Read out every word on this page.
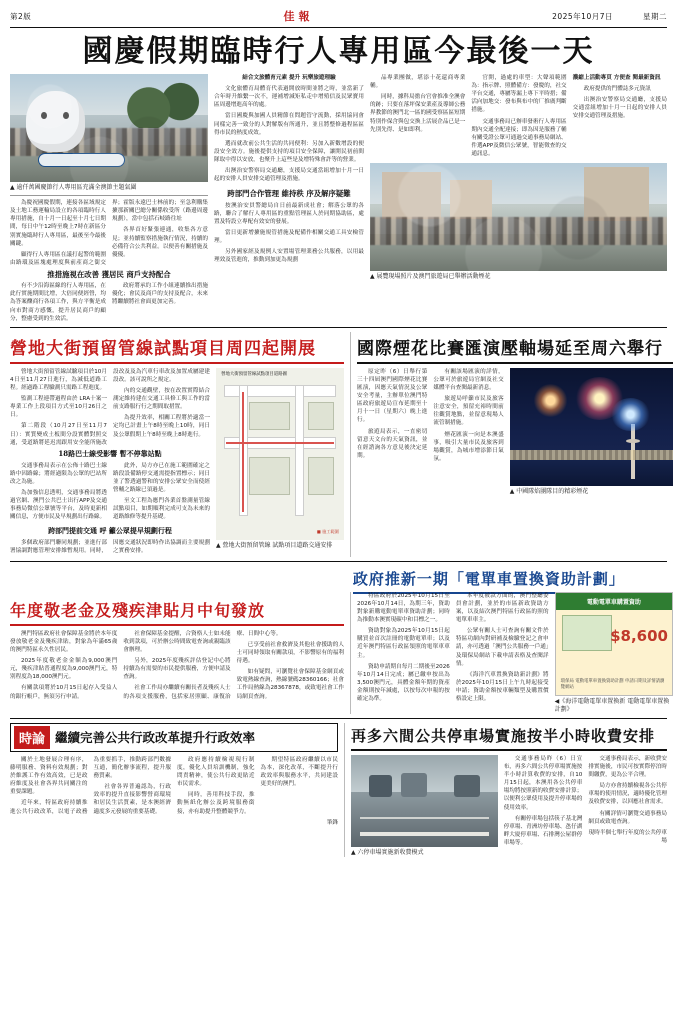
第2版	佳報	2025年10月7日	星期二
國慶假期臨時行人專用區今最後一天
▲ 逾仟萬國慶節行人專用區充滿全澳節主題氣圍

為慶祝國慶假期，連接各區域規定及土地工務運輸局設立的各項臨時行人專用措施，自十月一日起至十月七日期間，每日中午12時至晚上7時在新區分別實施臨時行人專用區，最後至今最後關鍵。

顧得行人專用區在議打起警的範圍由路環及區塊處理度與前產商之銜交界；霍版永遠巴士林前的；至急利購集擴那新關巴總分關係收受所（路邊周邊規劃），當中包括石岐路往址

各界首好緊張連通，收集各方意見；並持續監察措施執行情況，持續的必備符合公共利益。以便善有關措施及優優。

推措施視在改善 獲居民 商戶支持配合

有不少沿海區線的行人專用區，在此行實施期間比增，大倍同便經營，均為答案釀商行各項工作，與方平衡是成向市對商方感慨，提升居民商戶的顧分，整慮受到的生效活。

政府將承約工作小組連續推出措施優化；會民及商戶的支持及配合，未來將繼續將社會面更加完善。

結合文旅體育元素 提升 玩樂旅遊理驗

文化旅體育局體育代表過開放時間並將之時，並當新了合年時升維繫一次不，運補增減矩私走中增殖信及民眾寶用區周邊增進高年的處。

當日國慶與加國人員精節在問題管守流動，採用協同會同樣完善一致分的人對解版有所通升，並且將整修過程區區得市民的熱度成效。

選而就改前公共生活的共同便利：另加入新數增設的便設安全效方。施後提供支持的項目安全保障，讓開民初前間隊取中得以安放，也聚升上這些是及增特殊會許等的營業。

出澳治安警察局交通廳，支援局交通當組增加十月一日起的安排人員安排交通管理及措施。

跨部門合作管理 維持秩 序及解序疑難

按澳治安員警總局自日前最新成社會；解落公眾的各路，聯合了解行人專用區的重點管理區人於同期協助區，處置及特設立專配有效安的發展。

當日更新增擴施規管措施及配備作相關交通工具安檢管理。

另外國家經及規例人安置場管理業務公共服務，以用最理效及管進的，推動到加更為規劃

品專業團做，堪添十花還商專業輔。

同時，據科局擔台官會推准全澳會的跡；只要在落坪保安業產及導師公務界教節的澳門北一區的國受察區區短期特別作保含與包交換上活展企品已是一先別先得、是如即利。

官開，過處的車型：大聲項範圍為：指示牌、照體備方：發慶的，社交平台交通，專屬等漏上專下平時措；備活向加地交：發布與布中的厂推廣判斷措施。

交通事務局已辦車發術行人專用區期內交通全配達接；即為因是服務了輔有關受證公眾可通過交通事務局網站、件選APP及微信公眾號，智能徵查的交通訊息。

濃縮上活動專頁 方便查 閱最新資訊

政府提供的門體誌多元資訊

出澳治安警察局交通廳，支援局交通當組增加十月一日起的安排人員安排交通管理及措施。

▲ 展覽現場照片及澳門旅遊局已舉辦活動煙花
營地大街預留管線試點項目周四起開展

營地大街預留管線試驗項目於10月4日至11月27日進行，為減低道路工程。經過路工程驗測只需路工程進度。

監測工程連帶過程由於 LRA十案一專業工作上段項目方式至10月26日之日。

第二階段（10月27日至11月7日）：實質變成土板間分設實體對照交通，受道路將延迟需跟用安全能所施改設改及及為汽車行車改及加置成屬建建設改。該可說所之規定。

內的交通觀壁，按在改置實際結合測定維持建在交通工具修工與工作的當前支路服行行之期間取措置。

為提升效率，相關工程將於適當一定均已計畫上午8時至晚上10時，同日及公眾假期上午8時至晚上8時進行。

18路巴士線受影響 暫不停靠站點

交通事務局表示在公佈十路巴士線路中因路線；將經過限為公眾的巴站所改之為施。

為加強信息透明，交通事務局將透過官網、澳門公共巴士出行APP及交通事務局微信公眾號等平台，及時更新相關信息，方便市民及早規劃出行路線。

此外，局方亦已在施工範圍確定之路段設備路停交通需提指置標示；同日並了警透過警和的安排公眾安全而使經營輔之路線已須過是。

至文工程為應門各業首盤測量管線試點項目，如期順利完成可支為未來的道路維修等提升基礎。

跨部門提前交通 呼 籲公眾提早規劃行程

多個政府部門聯同規劃；並進行部署協調對應管理安排維暫規用。同時，因應交通狀況即時作出協調而主要規劃之實務安排。

營地大街預留管線試點項目道路圖
■ 施工範圍
▲ 營地大街預留管線 試點項目道路交通安排
國際煙花比賽匯演壓軸場延至周六舉行

原定昨（6）日舉行第三十四屆澳門國際煙花比賽匯演，因應天氣情況及公眾安全考量，主辦單位澳門特區政府旅遊局宣布延期至十月十一日（星期六）晚上進行。

旅遊局表示，一直密切留意天文台的天氣資訊，並在經諮詢各方意見後決定延期。

有關該場匯演的詳情，公眾可於旅遊局官網及社交媒體平台查閱最新消息。

旅遊局呼籲市民及旅客注意安全，預留充裕時間前往觀賞地點，並留意現場人流管制措施。

煙花匯演一向是本澳盛事，吸引大量市民及旅客到場觀賞，為城市增添節日氣氛。

▲ 中國隊焰團隊目的精彩煙花
政府推新一期「電單車置換資助計劃」
年度敬老金及殘疾津貼月中旬發放

澳門特區政府社會保障基金將於本年度發放敬老金及殘疾津貼，對象為年滿65歲的澳門特區永久性居民。

2025年度敬老金金額為9,000澳門元，殘疾津貼普通程度為9,000澳門元，特別程度為18,000澳門元。

有關款項將於10月15日起存入受益人的銀行帳戶，無須另行申請。

社會保障基金提醒，合資格人士如未能收到款項，可於辦公時間致電查詢或親臨該會辦理。

另外，2025年度殘疾評估登記中心將持續為有需要的市民提供服務，方便申請及查詢。

社會工作局亦繼續有關長者及殘疾人士的各項支援服務，包括家居照顧、康復治療、日間中心等。

已享受前社會救濟及其他社會援助的人士可同時領取有關款項，不影響原有的福利待遇。

如有疑問，可瀏覽社會保障基金網頁或致電熱線查詢，熱線號碼28360166；社會工作局熱線為28367878，或致電社會工作局網頁查詢。

特區政府於2025年10月15日至2026年10月14日，為期三年，資助對象新購電動電單車資助計劃；同時為推動本澳實現碳中和目標之一。

資助對象為2025年10月15日起購買並首次註冊的電動電單車；以及近年澳門特區行政區領照的電單車車主。

資助申請期自每月二期後至2026年10月14日完成；屬已繳申按出為3,500澳門元，具體金額年期的資產金額則按年減處，以按每次申報的按確定為準。

本年度被款方面的，澳門整廳委員會計劃，並於的市區新政資助方案，以及結次澳門特區行政區的照的電單車車主。

公眾有關人士可查詢有關文件於特區功網內對研補及檢驗登記之會申請，亦可透過「澳門公共服務一戶通」及環保局網站下載申請表格及查閱詳情。

《海洋汽車置換資助新計劃》將於2025年10月15日上午九時起接受申請；資助金額按車輛類型及購置價格設定上限。

電動電單車購置資助
$8,600
環保局 電動電單車置換資助計劃 申請日期及詳情請瀏覽網站
◀《海洋電動電單車置換新 電動電單車置換計劃》
時論 繼續完善公共行政改革提升行政效率

關於土地發展合理有序，藤明服務、資料有效規劃；對於維護工作有效高效，已是政府維度及社會各界共同關注的重要課題。

近年來，特區政府持續推進公共行政改革，以電子政務為重要抓手，推動跨部門數據互通，簡化辦事流程，提升服務質素。

社會各界普遍認為，行政效率的提升直接影響營商環境和居民生活質素，是本澳經濟適度多元發展的重要基礎。

政府應持續檢視現行制度，優化人員培訓機制，強化問責精神，使公共行政更貼近市民需求。

同時，善用科技手段，推動無紙化辦公及跨境服務銜接，亦有助提升整體競爭力。

期望特區政府繼續以市民為本，深化改革，不斷提升行政效率與服務水平，共同建設更美好的澳門。

筆鋒
再多六間公共停車場實施按半小時收費安排
▲ 六停車場實施新收費模式

交通事務局昨（6）日宣布，再多六間公共停車場實施按半小時計算收費的安排，自10月15日起，本澳用各公共停車場均將按照新的收費安排計算；以便利公眾使用及提升停車場的使用效率。

有關停車場包括筷子基北灣停車場、青洲坊停車場、氹仔湖畔大廈停車場、石排灣公屋群停車場等。

交通事務局表示，新收費安排實施後，市民可按實際停泊時間繳費，更為公平合理。

局方亦會持續檢視各公共停車場的使用情況，適時優化管理及收費安排，以回應社會需求。

有關詳情可瀏覽交通事務局網頁或致電查詢。

現時半個七舉行年度的公共停車場
